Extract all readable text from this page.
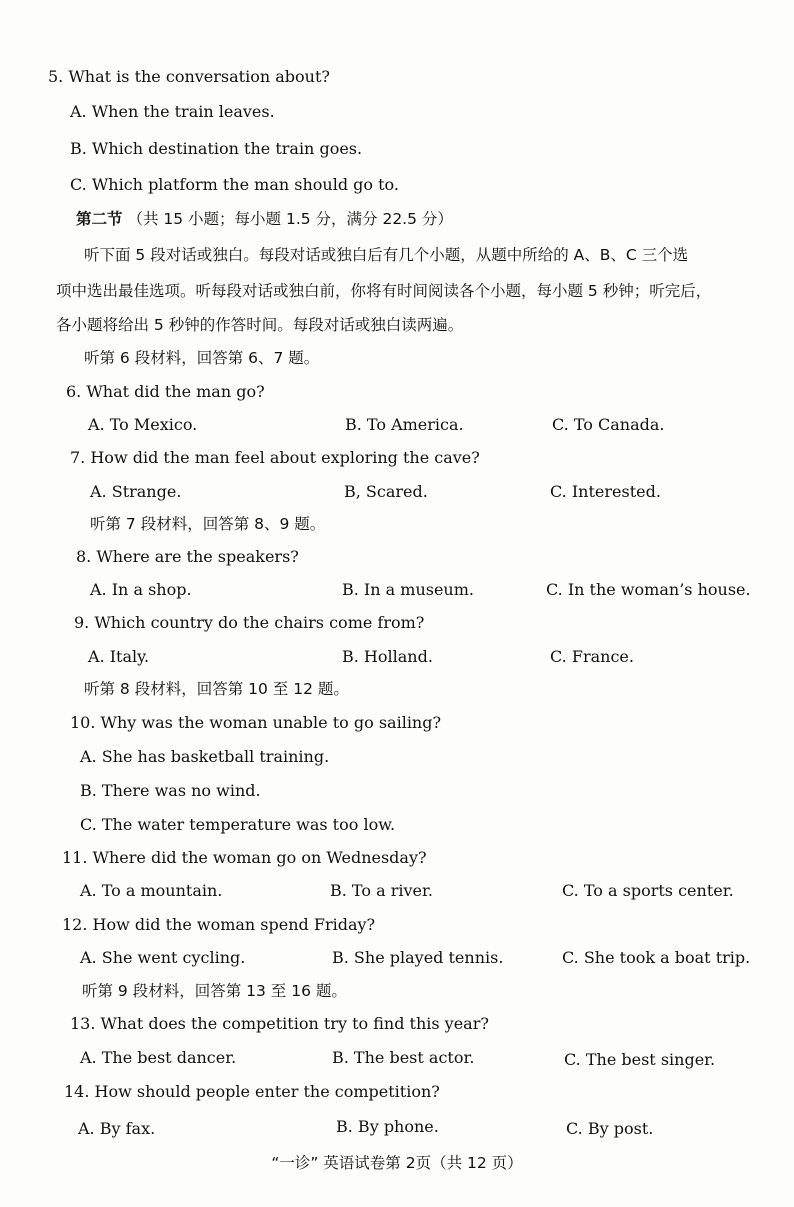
5. What is the conversation about?
A. When the train leaves.
B. Which destination the train goes.
C. Which platform the man should go to.
第二节 （共 15 小题；每小题 1.5 分，满分 22.5 分）
听下面 5 段对话或独白。每段对话或独白后有几个小题，从题中所给的 A、B、C 三个选
项中选出最佳选项。听每段对话或独白前，你将有时间阅读各个小题，每小题 5 秒钟；听完后，
各小题将给出 5 秒钟的作答时间。每段对话或独白读两遍。
听第 6 段材料，回答第 6、7 题。
6. What did the man go?
A. To Mexico.	B. To America.	C. To Canada.
7. How did the man feel about exploring the cave?
A. Strange.	B, Scared.	C. Interested.
听第 7 段材料，回答第 8、9 题。
8. Where are the speakers?
A. In a shop.	B. In a museum.	C. In the woman’s house.
9. Which country do the chairs come from?
A. Italy.	B. Holland.	C. France.
听第 8 段材料，回答第 10 至 12 题。
10. Why was the woman unable to go sailing?
A. She has basketball training.
B. There was no wind.
C. The water temperature was too low.
11. Where did the woman go on Wednesday?
A. To a mountain.	B. To a river.	C. To a sports center.
12. How did the woman spend Friday?
A. She went cycling.	B. She played tennis.	C. She took a boat trip.
听第 9 段材料，回答第 13 至 16 题。
13. What does the competition try to find this year?
A. The best dancer.	B. The best actor.	C. The best singer.
14. How should people enter the competition?
A. By fax.	B. By phone.	C. By post.
“一诊” 英语试卷第 2页（共 12 页）
